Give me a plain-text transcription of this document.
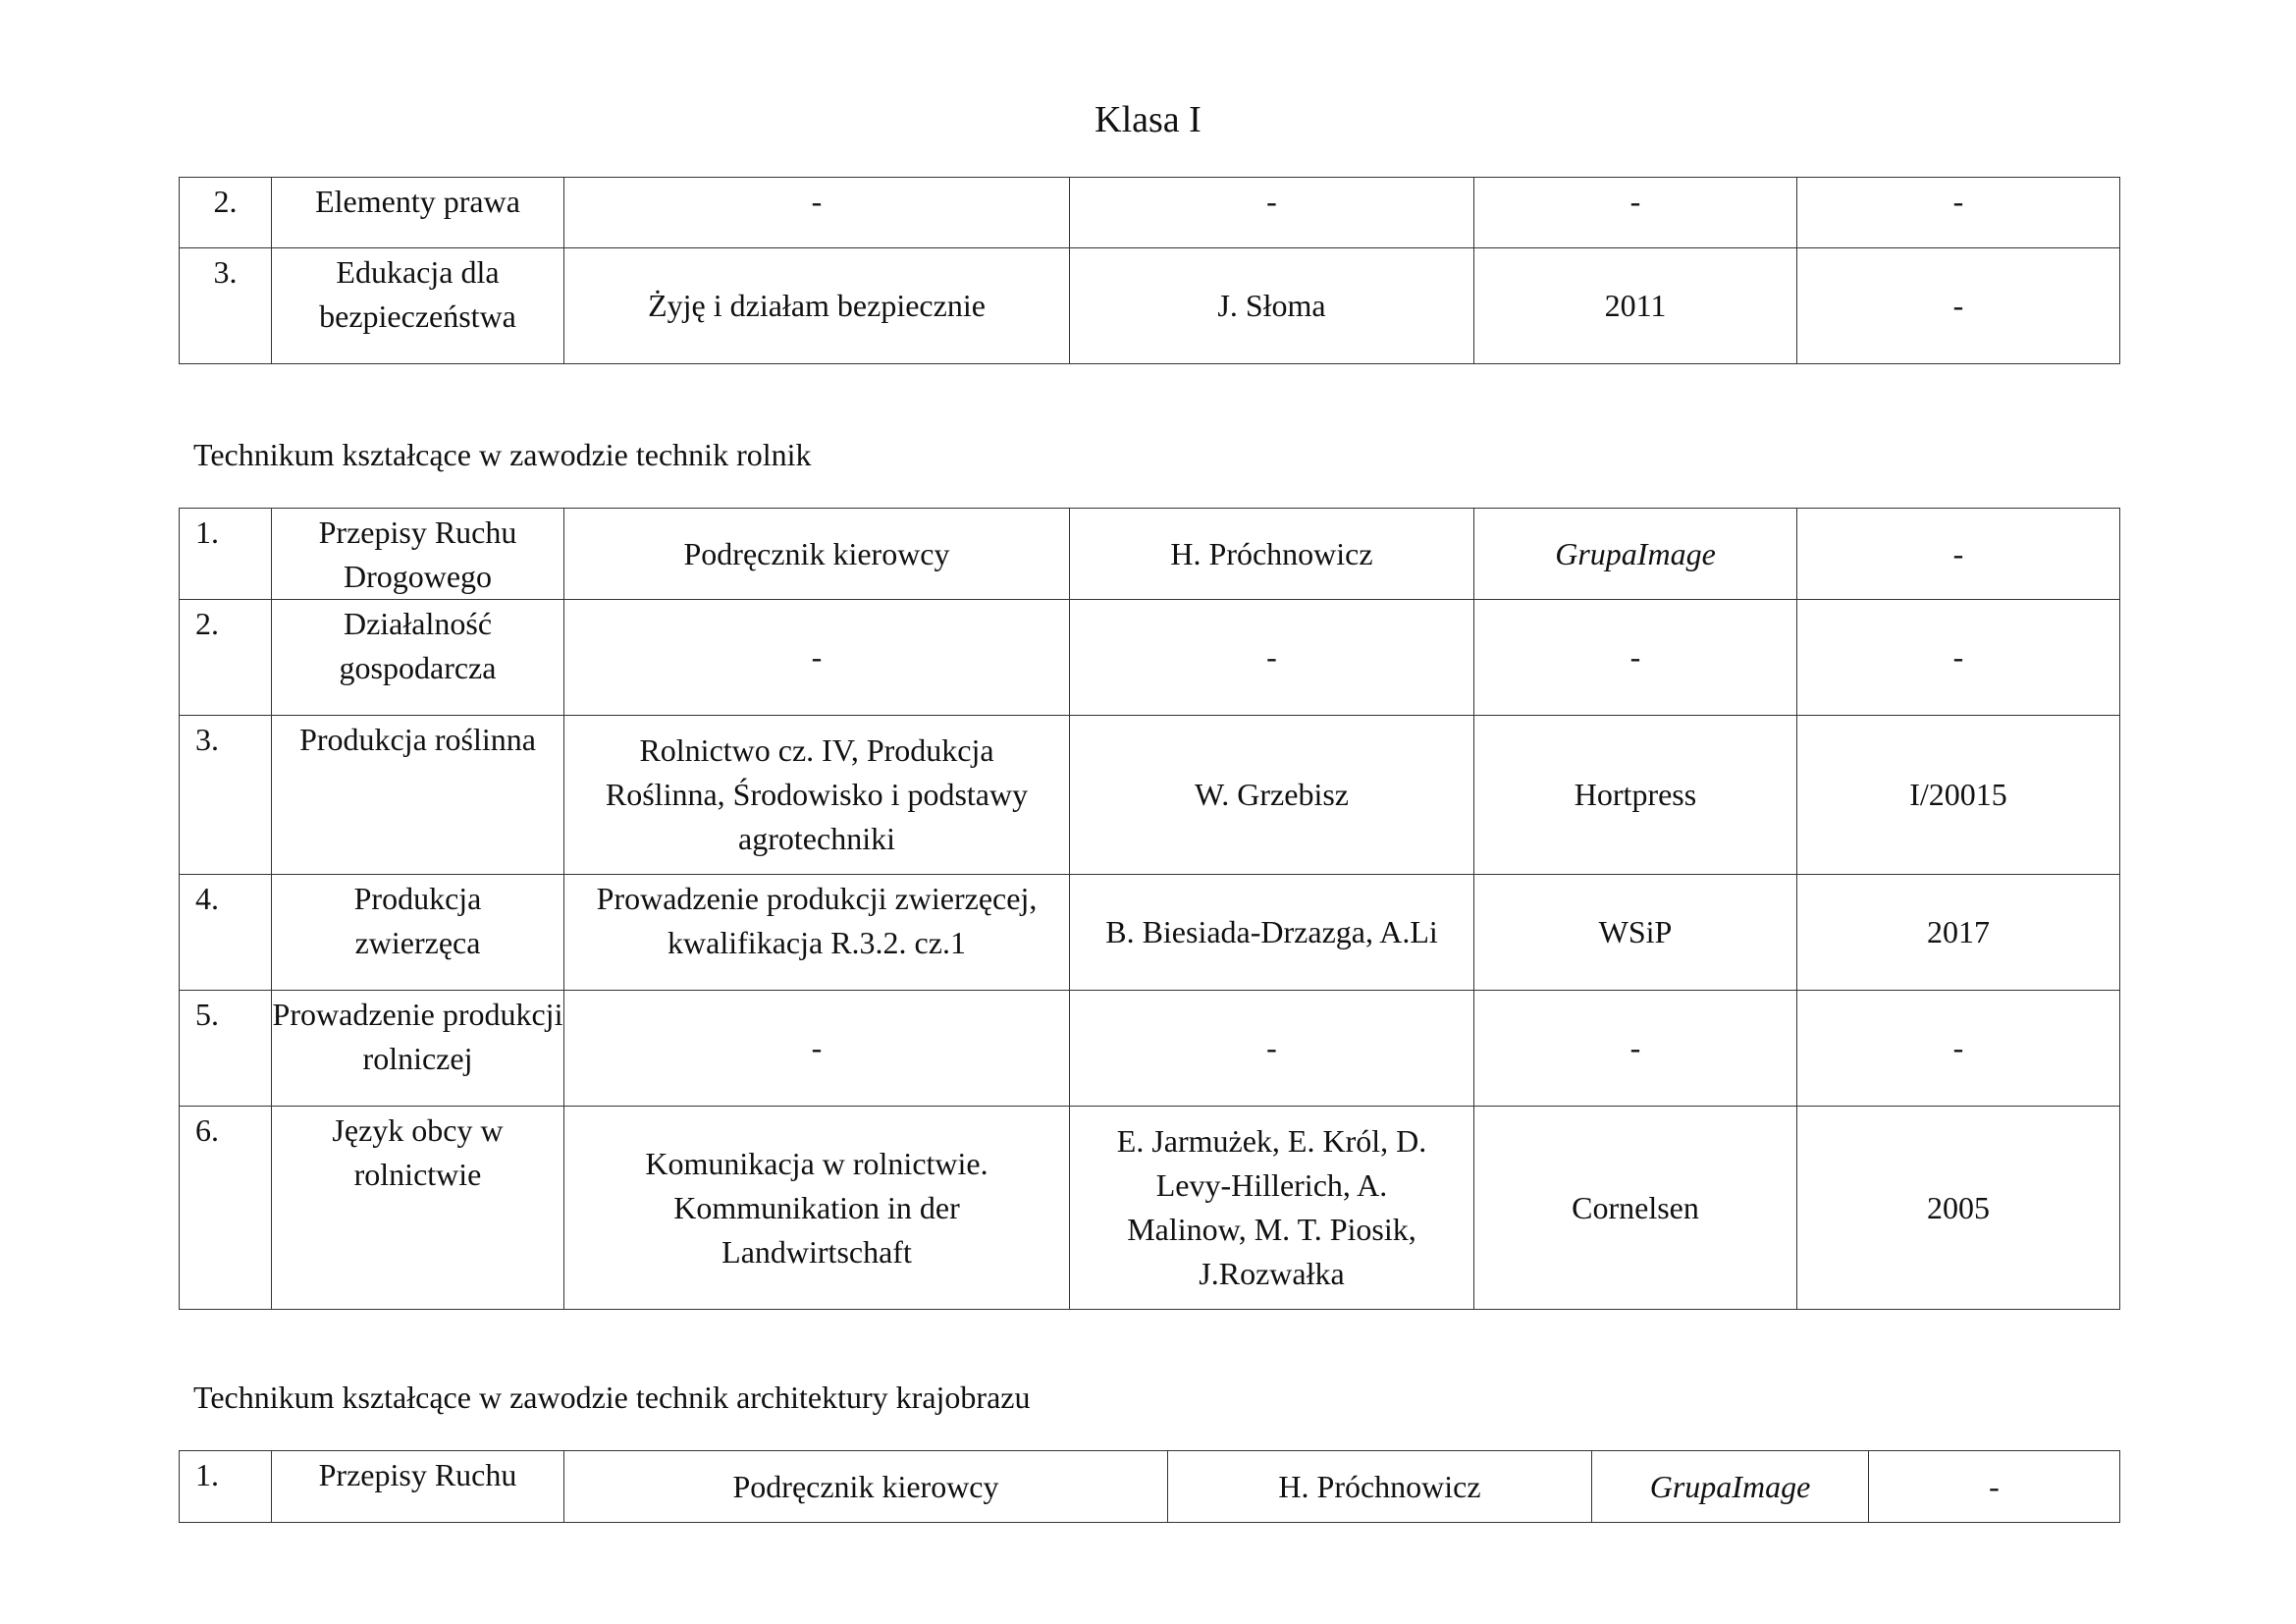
Klasa I
2.	Elementy prawa	-	-	-	-
3.	Edukacja dla bezpieczeństwa	Żyję i działam bezpiecznie	J. Słoma	2011	-
Technikum kształcące w zawodzie technik rolnik
1.	Przepisy Ruchu Drogowego	Podręcznik kierowcy	H. Próchnowicz	GrupaImage	-
2.	Działalność gospodarcza	-	-	-	-
3.	Produkcja roślinna	Rolnictwo cz. IV, Produkcja Roślinna, Środowisko i podstawy agrotechniki	W. Grzebisz	Hortpress	I/20015
4.	Produkcja zwierzęca	Prowadzenie produkcji zwierzęcej, kwalifikacja R.3.2. cz.1	B. Biesiada-Drzazga, A.Li	WSiP	2017
5.	Prowadzenie produkcji rolniczej	-	-	-	-
6.	Język obcy w rolnictwie	Komunikacja w rolnictwie. Kommunikation in der Landwirtschaft	E. Jarmużek, E. Król, D. Levy-Hillerich, A. Malinow, M. T. Piosik, J.Rozwałka	Cornelsen	2005
Technikum kształcące w zawodzie technik architektury krajobrazu
1.	Przepisy Ruchu	Podręcznik kierowcy	H. Próchnowicz	GrupaImage	-
